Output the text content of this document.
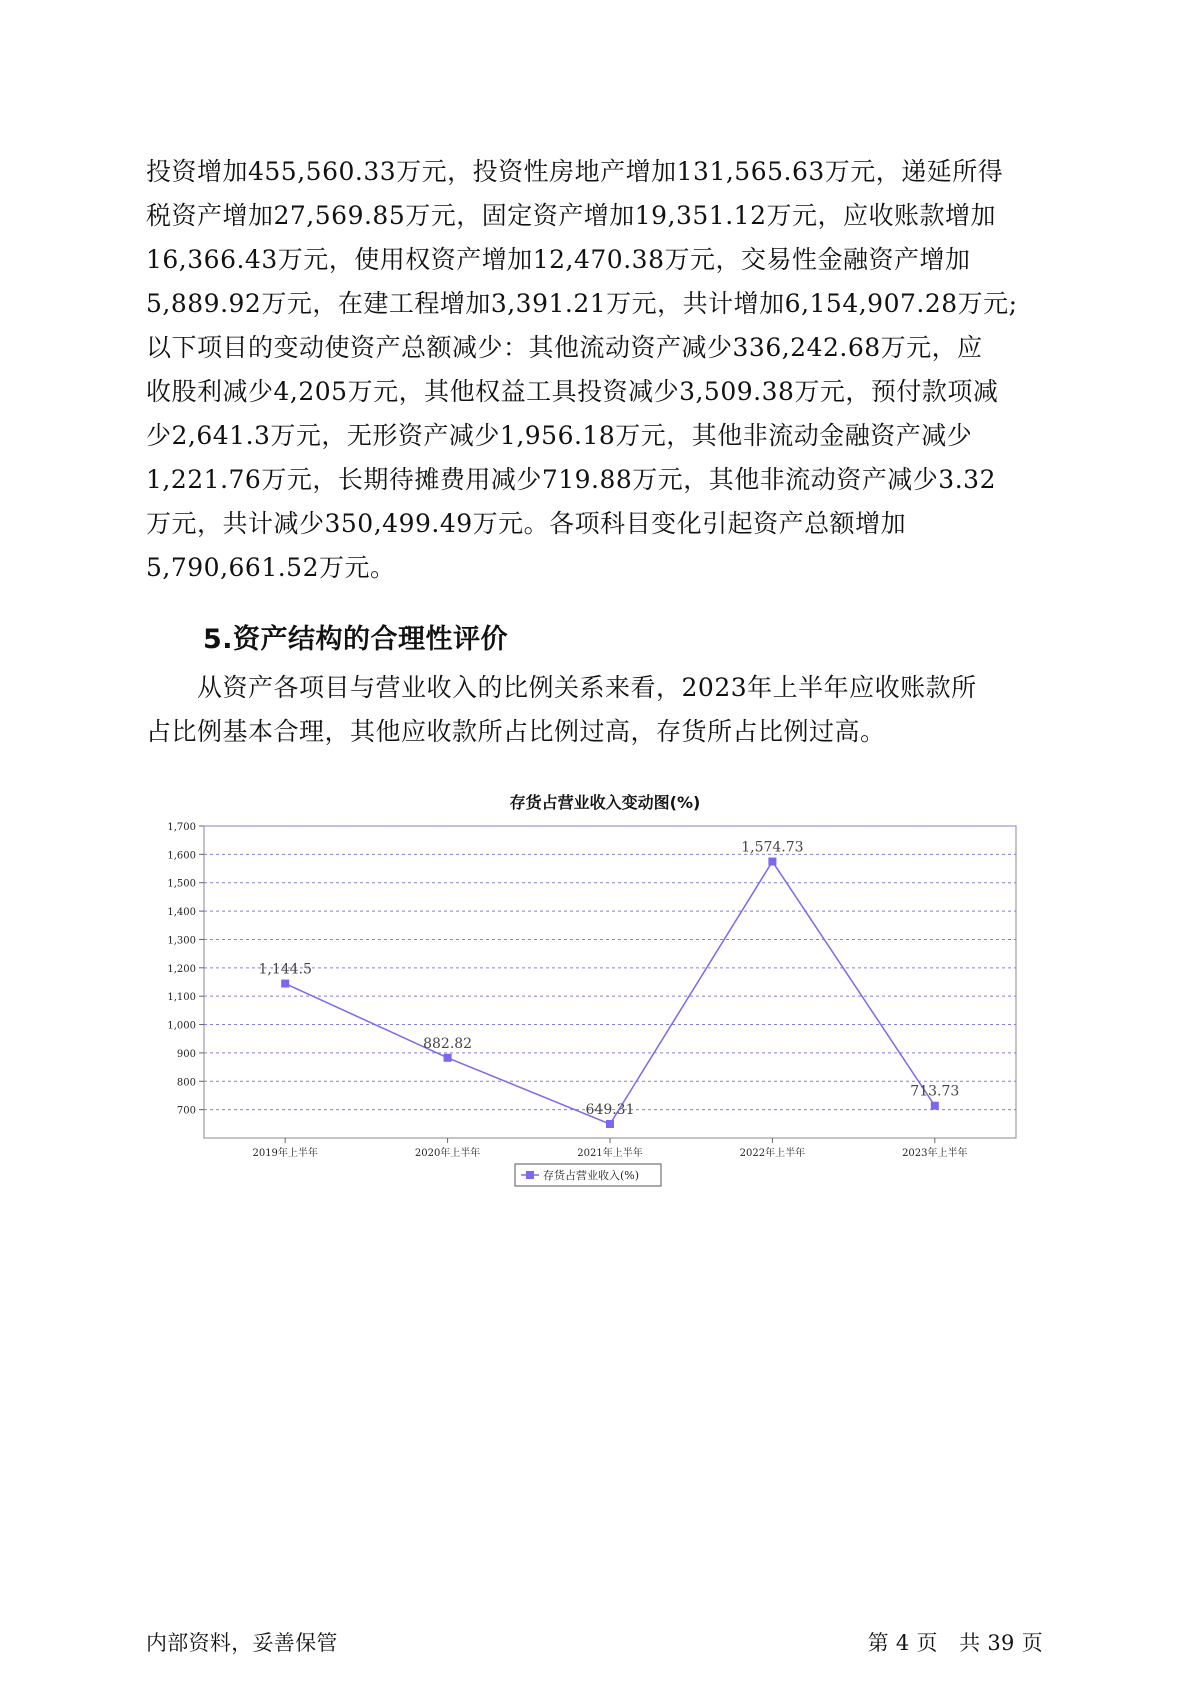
投资增加455,560.33万元，投资性房地产增加131,565.63万元，递延所得
税资产增加27,569.85万元，固定资产增加19,351.12万元，应收账款增加
16,366.43万元，使用权资产增加12,470.38万元，交易性金融资产增加
5,889.92万元，在建工程增加3,391.21万元，共计增加6,154,907.28万元;
以下项目的变动使资产总额减少：其他流动资产减少336,242.68万元，应
收股利减少4,205万元，其他权益工具投资减少3,509.38万元，预付款项减
少2,641.3万元，无形资产减少1,956.18万元，其他非流动金融资产减少
1,221.76万元，长期待摊费用减少719.88万元，其他非流动资产减少3.32
万元，共计减少350,499.49万元。各项科目变化引起资产总额增加
5,790,661.52万元。
5.资产结构的合理性评价
　　从资产各项目与营业收入的比例关系来看，2023年上半年应收账款所
占比例基本合理，其他应收款所占比例过高，存货所占比例过高。
存货占营业收入变动图(%)
700
800
900
1,000
1,100
1,200
1,300
1,400
1,500
1,600
1,700
2019年上半年	2020年上半年	2021年上半年	2022年上半年	2023年上半年
1,144.5
882.82
649.31
1,574.73
713.73
存货占营业收入(%)
内部资料，妥善保管	第 4 页　共 39 页
